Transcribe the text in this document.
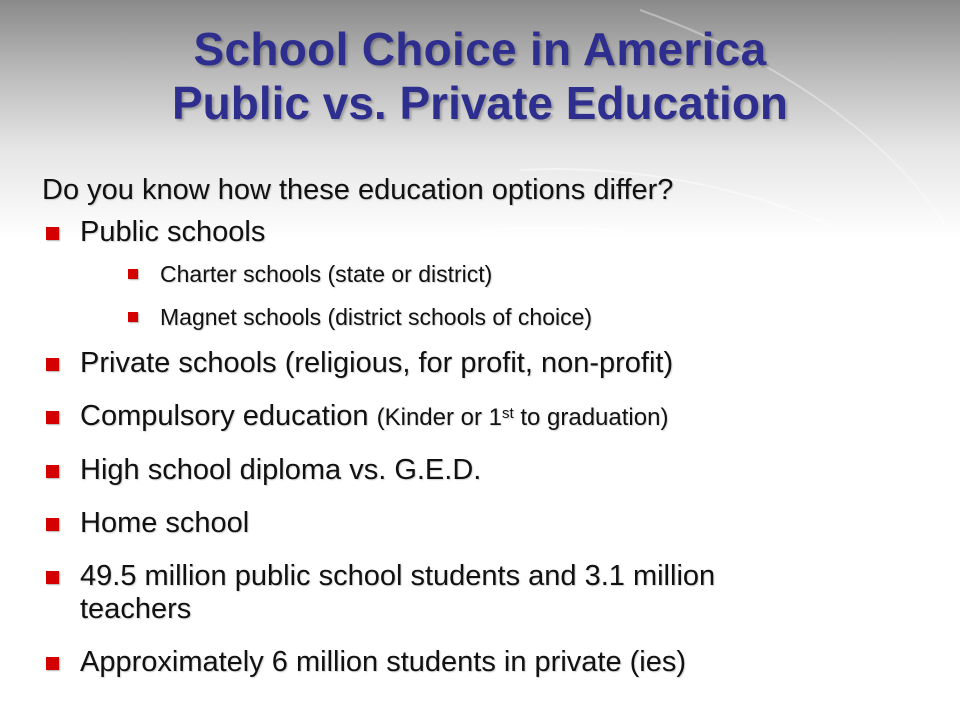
School Choice in America
Public vs. Private Education
Do you know how these education options differ?
Public schools
Charter schools (state or district)
Magnet schools (district schools of choice)
Private schools (religious, for profit, non-profit)
Compulsory education (Kinder or 1st to graduation)
High school diploma vs. G.E.D.
Home school
49.5 million public school students and 3.1 million
teachers
Approximately 6 million students in private (ies)
